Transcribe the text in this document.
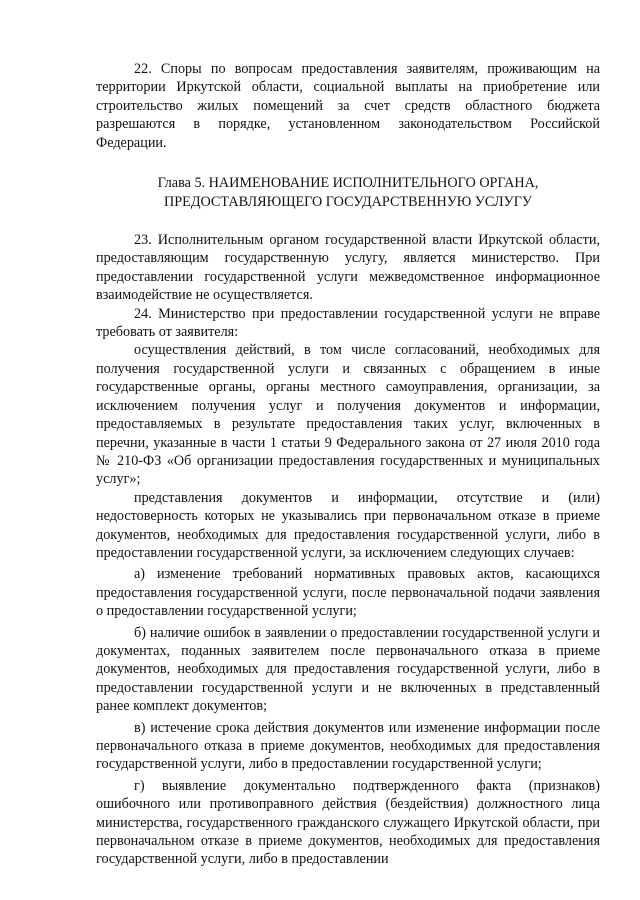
22. Споры по вопросам предоставления заявителям, проживающим на территории Иркутской области, социальной выплаты на приобретение или строительство жилых помещений за счет средств областного бюджета разрешаются в порядке, установленном законодательством Российской Федерации.

Глава 5. НАИМЕНОВАНИЕ ИСПОЛНИТЕЛЬНОГО ОРГАНА,
ПРЕДОСТАВЛЯЮЩЕГО ГОСУДАРСТВЕННУЮ УСЛУГУ

23. Исполнительным органом государственной власти Иркутской области, предоставляющим государственную услугу, является министерство. При предоставлении государственной услуги межведомственное информационное взаимодействие не осуществляется.

24. Министерство при предоставлении государственной услуги не вправе требовать от заявителя:

осуществления действий, в том числе согласований, необходимых для получения государственной услуги и связанных с обращением в иные государственные органы, органы местного самоуправления, организации, за исключением получения услуг и получения документов и информации, предоставляемых в результате предоставления таких услуг, включенных в перечни, указанные в части 1 статьи 9 Федерального закона от 27 июля 2010 года № 210-ФЗ «Об организации предоставления государственных и муниципальных услуг»;

представления документов и информации, отсутствие и (или) недостоверность которых не указывались при первоначальном отказе в приеме документов, необходимых для предоставления государственной услуги, либо в предоставлении государственной услуги, за исключением следующих случаев:

а) изменение требований нормативных правовых актов, касающихся предоставления государственной услуги, после первоначальной подачи заявления о предоставлении государственной услуги;

б) наличие ошибок в заявлении о предоставлении государственной услуги и документах, поданных заявителем после первоначального отказа в приеме документов, необходимых для предоставления государственной услуги, либо в предоставлении государственной услуги и не включенных в представленный ранее комплект документов;

в) истечение срока действия документов или изменение информации после первоначального отказа в приеме документов, необходимых для предоставления государственной услуги, либо в предоставлении государственной услуги;

г) выявление документально подтвержденного факта (признаков) ошибочного или противоправного действия (бездействия) должностного лица министерства, государственного гражданского служащего Иркутской области, при первоначальном отказе в приеме документов, необходимых для предоставления государственной услуги, либо в предоставлении
